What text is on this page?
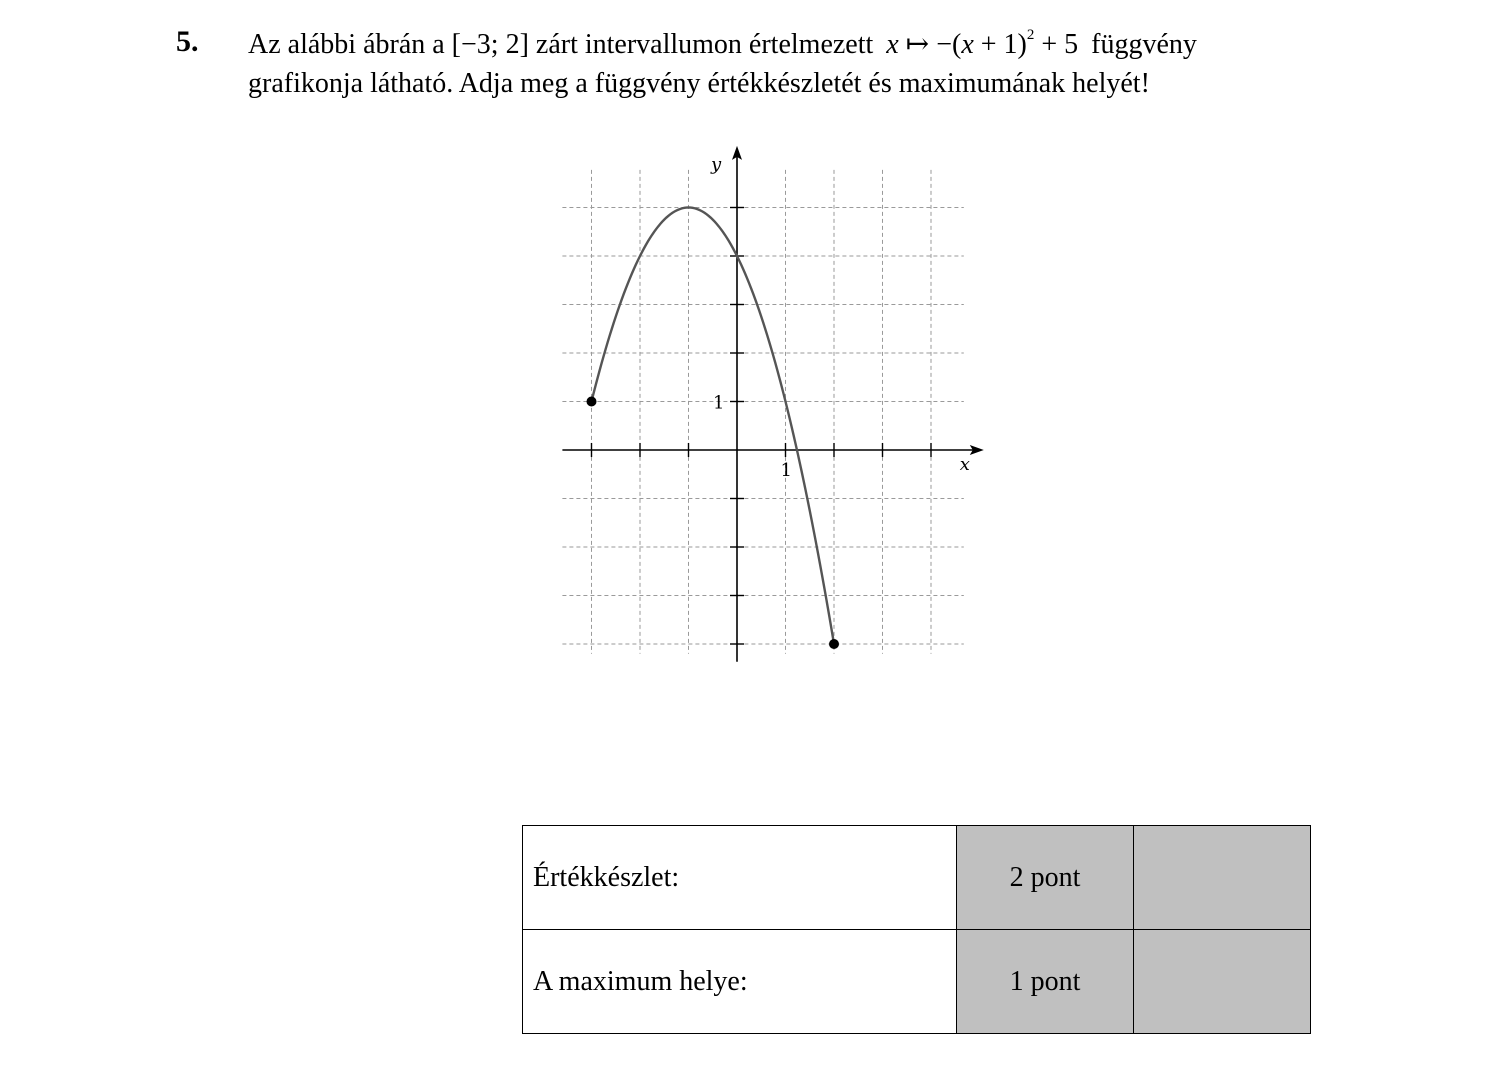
5. Az alábbi ábrán a [−3; 2] zárt intervallumon értelmezett x ↦ $-(x + 1)^2 + 5$ függvény
grafikonja látható. Adja meg a függvény értékkészletét és maximumának helyét!
x
y
1
1
Értékkészlet:	2 pont	
A maximum helye:	1 pont	
